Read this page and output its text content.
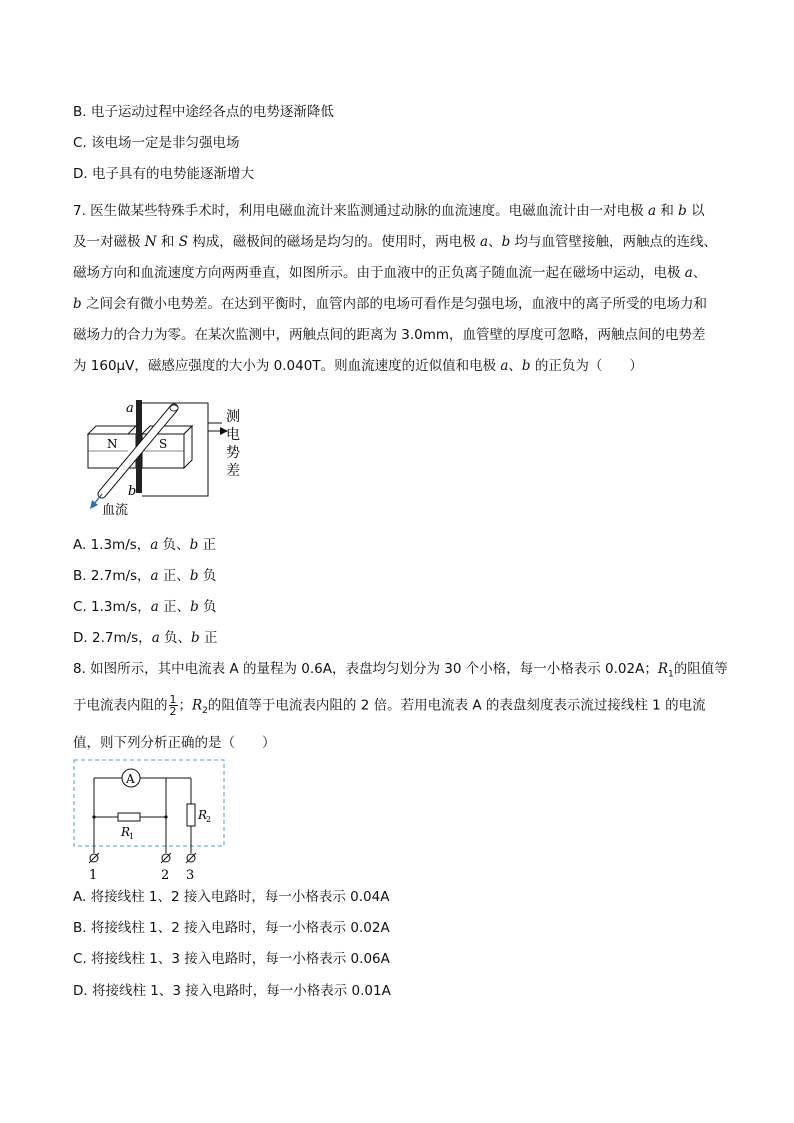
B. 电子运动过程中途经各点的电势逐渐降低
C. 该电场一定是非匀强电场
D. 电子具有的电势能逐渐增大
7. 医生做某些特殊手术时，利用电磁血流计来监测通过动脉的血流速度。电磁血流计由一对电极 a 和 b 以
及一对磁极 N 和 S 构成，磁极间的磁场是均匀的。使用时，两电极 a、b 均与血管壁接触，两触点的连线、
磁场方向和血流速度方向两两垂直，如图所示。由于血液中的正负离子随血流一起在磁场中运动，电极 a、
b 之间会有微小电势差。在达到平衡时，血管内部的电场可看作是匀强电场，血液中的离子所受的电场力和
磁场力的合力为零。在某次监测中，两触点间的距离为 3.0mm，血管壁的厚度可忽略，两触点间的电势差
为 160μV，磁感应强度的大小为 0.040T。则血流速度的近似值和电极 a、b 的正负为（　　）
a
b
N	S
测
电
势
差
血流
A. 1.3m/s，a 负、b 正
B. 2.7m/s，a 正、b 负
C. 1.3m/s，a 正、b 负
D. 2.7m/s，a 负、b 正
8. 如图所示，其中电流表 A 的量程为 0.6A，表盘均匀划分为 30 个小格，每一小格表示 0.02A；$R_1$的阻值等
于电流表内阻的 $\frac{1}{2}$ ；$R_2$的阻值等于电流表内阻的 2 倍。若用电流表 A 的表盘刻度表示流过接线柱 1 的电流
值，则下列分析正确的是（　　）
A
R
1
R
2
1	2 3
A. 将接线柱 1、2 接入电路时，每一小格表示 0.04A
B. 将接线柱 1、2 接入电路时，每一小格表示 0.02A
C. 将接线柱 1、3 接入电路时，每一小格表示 0.06A
D. 将接线柱 1、3 接入电路时，每一小格表示 0.01A
